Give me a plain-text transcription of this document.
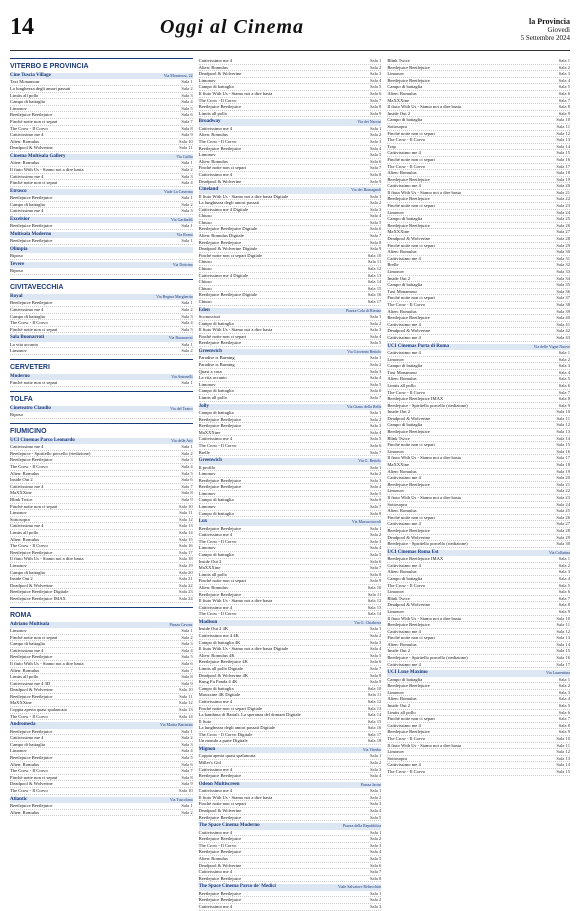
14	Oggi al Cinema	la Provincia
Giovedì
5 Settembre 2024
VITERBO E PROVINCIA
Cine Tuscia Village	Via Monterosi, 22
Taxi Monamour	Sala 1
La lunghezza degli amori passati	Sala 2
Limits all pollo	Sala 3
Campo di battaglia	Sala 4
Limonov	Sala 5
Beetlejuice Beetlejuice	Sala 6
Finché notte non ci separi	Sala 7
The Crow - Il Corvo	Sala 8
Cattivissimo me 4	Sala 9
Alien: Romulus	Sala 10
Deadpool & Wolverine	Sala 11
Cinema Multisala Gallery	Via Gallia
Alien: Romulus	Sala 1
Il fiuto With Us - Siamo noi a dire basta	Sala 2
Cattivissimo me 4	Sala 3
Finché notte non ci separi	Sala 4
Etrusco	Viale La Caserma
Beetlejuice Beetlejuice	Sala 1
Campo di battaglia	Sala 2
Cattivissimo me 4	Sala 3
Excelsior	Via Garibaldi
Beetlejuice Beetlejuice	Sala 1
Multisala Moderno	Via Roma
Beetlejuice Beetlejuice	Sala 1
Olimpia
Riposo
Tevere	Via Dottrina
Riposo
CIVITAVECCHIA
Royal	Via Regina Margherita
Beetlejuice Beetlejuice	Sala 1
Cattivissimo me 4	Sala 2
Campo di battaglia	Sala 3
The Crow - Il Corvo	Sala 4
Finché notte non ci separi	Sala 5
Sala Buonarroti	Via Buonarroti
La vita accanto	Sala 1
Limonov	Sala 2
CERVETERI
Moderno	Via Antonelli
Finché notte non ci separi	Sala 1
TOLFA
Cineteatro Claudio	Via del Teatro
Riposo
FIUMICINO
UCI Cinemas Parco Leonardo	Via delle Arti
Cattivissimo me 4	Sala 1
Beetlejuice - Spiritello porcello (riedizione)	Sala 2
Beetlejuice Beetlejuice	Sala 3
The Crow - Il Corvo	Sala 4
Alien: Romulus	Sala 5
Inside Out 2	Sala 6
Cattivissimo me 4	Sala 7
MaXXXine	Sala 8
Blink Twice	Sala 9
Finché notte non ci separi	Sala 10
Limonov	Sala 11
Sottosopra	Sala 12
Cattivissimo me 4	Sala 13
Limits all pollo	Sala 14
Alien: Romulus	Sala 15
The Crow - Il Corvo	Sala 16
Beetlejuice Beetlejuice	Sala 17
Il fiuto With Us - Siamo noi a dire basta	Sala 18
Limonov	Sala 19
Campo di battaglia	Sala 20
Inside Out 2	Sala 21
Deadpool & Wolverine	Sala 22
Beetlejuice Beetlejuice Digitale	Sala 23
Beetlejuice Beetlejuice IMAX	Sala 24
ROMA
Adriano Multisala	Piazza Cavour
Limonov	Sala 1
Finché notte non ci separi	Sala 2
Campo di battaglia	Sala 3
Cattivissimo me 4	Sala 4
Beetlejuice Beetlejuice	Sala 5
Il fiuto With Us - Siamo noi a dire basta	Sala 6
Alien: Romulus	Sala 7
Limits all pollo	Sala 8
Cattivissimo me 4 3D	Sala 9
Deadpool & Wolverine	Sala 10
Beetlejuice Beetlejuice	Sala 11
MaXXXine	Sala 12
Coppia aperta quasi spalancata	Sala 13
The Crow - Il Corvo	Sala 14
Andromeda	Via Mattia Battistini
Beetlejuice Beetlejuice	Sala 1
Cattivissimo me 4	Sala 2
Campo di battaglia	Sala 3
Limonov	Sala 4
Beetlejuice Beetlejuice	Sala 5
Alien: Romulus	Sala 6
The Crow - Il Corvo	Sala 7
Finché notte non ci separi	Sala 8
Deadpool & Wolverine	Sala 9
The Crow - Il Corvo	Sala 10
Atlantic	Via Tuscolana
Beetlejuice Beetlejuice	Sala 1
Alien: Romulus	Sala 2
Cattivissimo me 4	Sala 1
Alien: Romulus	Sala 2
Deadpool & Wolverine	Sala 3
Limonov	Sala 4
Campo di battaglia	Sala 5
Il fiuto With Us - Siamo noi a dire basta	Sala 6
The Crow - Il Corvo	Sala 7
Beetlejuice Beetlejuice	Sala 8
Limits all pollo	Sala 9
Broadway	Via dei Narcisi
Cattivissimo me 4	Sala 1
Alien: Romulus	Sala 2
The Crow - Il Corvo	Sala 3
Beetlejuice Beetlejuice	Sala 4
Limonov	Sala 5
Alien: Romulus	Sala 6
Finché notte non ci separi	Sala 7
Cattivissimo me 4	Sala 8
Deadpool & Wolverine	Sala 9
Cineland	Via dei Romagnoli
Il fiuto With Us - Siamo noi a dire basta Digitale	Sala 1
La lunghezza degli amori passati	Sala 2
Cattivissimo me 4 Digitale	Sala 3
Chiuso	Sala 4
Chiuso	Sala 5
Beetlejuice Beetlejuice Digitale	Sala 6
Alien: Romulus Digitale	Sala 7
Beetlejuice Beetlejuice	Sala 8
Deadpool & Wolverine Digitale	Sala 9
Finché notte non ci separi Digitale	Sala 10
Chiuso	Sala 11
Chiuso	Sala 12
Cattivissimo me 4 Digitale	Sala 13
Chiuso	Sala 14
Chiuso	Sala 15
Beetlejuice Beetlejuice Digitale	Sala 16
Chiuso	Sala 17
Eden	Piazza Cola di Rienzo
Sconosciuti	Sala 1
Campo di battaglia	Sala 2
Il fiuto With Us - Siamo noi a dire basta	Sala 3
Finché notte non ci separi	Sala 4
Beetlejuice Beetlejuice	Sala 5
Greenwich	Via Giovanni Bettolo
Paradise is Burning	Sala 1
Paradise is Burning	Sala 2
Quasi a casa	Sala 3
La vita accanto	Sala 4
Limonov	Sala 5
Campo di battaglia	Sala 6
Limits all pollo	Sala 7
Jolly	Via Giano della Bella
Campo di battaglia	Sala 1
Beetlejuice Beetlejuice	Sala 2
Beetlejuice Beetlejuice	Sala 3
MaXXXine	Sala 4
Cattivissimo me 4	Sala 5
The Crow - Il Corvo	Sala 6
Brelle	Sala 7
Greenwich	Via G. Bettolo
Il profilo	Sala 1
Limonov	Sala 2
Beetlejuice Beetlejuice	Sala 3
Beetlejuice Beetlejuice	Sala 4
Limonov	Sala 5
Campo di battaglia	Sala 6
Limonov	Sala 7
Campo di battaglia	Sala 8
Lux	Via Massaciuccoli
Beetlejuice Beetlejuice	Sala 1
Cattivissimo me 4	Sala 2
The Crow - Il Corvo	Sala 3
Limonov	Sala 4
Campo di battaglia	Sala 5
Inside Out 2	Sala 6
MaXXXine	Sala 7
Limits all pollo	Sala 8
Finché notte non ci separi	Sala 9
Alien: Romulus	Sala 10
Beetlejuice Beetlejuice	Sala 11
Il fiuto With Us - Siamo noi a dire basta	Sala 12
Cattivissimo me 4	Sala 13
The Crow - Il Corvo	Sala 14
Madison	Via G. Chiabrera
Inside Out 2 4K	Sala 1
Cattivissimo me 4 4K	Sala 2
Campo di battaglia 4K	Sala 3
Il fiuto With Us - Siamo noi a dire basta Digitale	Sala 4
Alien: Romulus 4K	Sala 5
Beetlejuice Beetlejuice 4K	Sala 6
Limits all pollo Digitale	Sala 7
Deadpool & Wolverine 4K	Sala 8
Kung Fu Panda 4 4K	Sala 9
Campo di battaglia	Sala 10
Maxxxine 4K Digitale	Sala 11
Cattivissimo me 4	Sala 12
Finché notte non ci separi Digitale	Sala 13
La bambina di Bartali. La speranza del domani Digitale	Sala 14
Il fiuto	Sala 15
La lunghezza degli amori passati Digitale	Sala 16
The Crow - Il Corvo Digitale	Sala 17
Un mondo a parte Digitale	Sala 18
Mignon	Via Viterbo
Coppia aperta quasi spalancata	Sala 1
Miller's Girl	Sala 2
Cattivissimo me 4	Sala 3
Beetlejuice Beetlejuice	Sala 4
Odeon Multiscreen	Piazza Jacini
Cattivissimo me 4	Sala 1
Il fiuto With Us - Siamo noi a dire basta	Sala 2
Finché notte non ci separi	Sala 3
Deadpool & Wolverine	Sala 4
Beetlejuice Beetlejuice	Sala 5
The Space Cinema Moderno	Piazza della Repubblica
Cattivissimo me 4	Sala 1
Beetlejuice Beetlejuice	Sala 2
The Crow - Il Corvo	Sala 3
Beetlejuice Beetlejuice	Sala 4
Alien: Romulus	Sala 5
Deadpool & Wolverine	Sala 6
Cattivissimo me 4	Sala 7
Beetlejuice Beetlejuice	Sala 8
The Space Cinema Parco de' Medici	Viale Salvatore Rebecchini
Beetlejuice Beetlejuice	Sala 1
Beetlejuice Beetlejuice	Sala 2
Cattivissimo me 4	Sala 3
Blink Twice	Sala 1
Beetlejuice Beetlejuice	Sala 2
Limonov	Sala 3
Beetlejuice Beetlejuice	Sala 4
Campo di battaglia	Sala 5
Alien: Romulus	Sala 6
MaXXXine	Sala 7
Il fiuto With Us - Siamo noi a dire basta	Sala 8
Inside Out 2	Sala 9
Campo di battaglia	Sala 10
Sottosopra	Sala 11
Finché notte non ci separi	Sala 12
The Crow - Il Corvo	Sala 13
Trap	Sala 14
Cattivissimo me 4	Sala 15
Finché notte non ci separi	Sala 16
The Crow - Il Corvo	Sala 17
Alien: Romulus	Sala 18
Beetlejuice Beetlejuice	Sala 19
Cattivissimo me 4	Sala 20
Il fiuto With Us - Siamo noi a dire basta	Sala 21
Beetlejuice Beetlejuice	Sala 22
Finché notte non ci separi	Sala 23
Limonov	Sala 24
Campo di battaglia	Sala 25
Beetlejuice Beetlejuice	Sala 26
MaXXXine	Sala 27
Deadpool & Wolverine	Sala 28
Finché notte non ci separi	Sala 29
Alien: Romulus	Sala 30
Cattivissimo me 4	Sala 31
Brelle	Sala 32
Limonov	Sala 33
Inside Out 2	Sala 34
Campo di battaglia	Sala 35
Taxi Monamour	Sala 36
Finché notte non ci separi	Sala 37
The Crow - Il Corvo	Sala 38
Alien: Romulus	Sala 39
Beetlejuice Beetlejuice	Sala 40
Cattivissimo me 4	Sala 41
Deadpool & Wolverine	Sala 42
Cattivissimo me 4	Sala 43
UCI Cinemas Porta di Roma	Via delle Vigne Nuove
Cattivissimo me 4	Sala 1
Limonov	Sala 2
Campo di battaglia	Sala 3
Taxi Monamour	Sala 4
Alien: Romulus	Sala 5
Limits all pollo	Sala 6
The Crow - Il Corvo	Sala 7
Beetlejuice Beetlejuice IMAX	Sala 8
Beetlejuice - Spiritello porcello (riedizione)	Sala 9
Inside Out 2	Sala 10
Deadpool & Wolverine	Sala 11
Campo di battaglia	Sala 12
Beetlejuice Beetlejuice	Sala 13
Blink Twice	Sala 14
Finché notte non ci separi	Sala 15
Limonov	Sala 16
Il fiuto With Us - Siamo noi a dire basta	Sala 17
MaXXXine	Sala 18
Alien: Romulus	Sala 19
Cattivissimo me 4	Sala 20
Beetlejuice Beetlejuice	Sala 21
Limonov	Sala 22
Il fiuto With Us - Siamo noi a dire basta	Sala 23
Sottosopra	Sala 24
Alien: Romulus	Sala 25
Finché notte non ci separi	Sala 26
Cattivissimo me 4	Sala 27
Beetlejuice Beetlejuice	Sala 28
Deadpool & Wolverine	Sala 29
Beetlejuice - Spiritello porcello (riedizione)	Sala 30
UCI Cinemas Roma Est	Via Collatina
Beetlejuice Beetlejuice IMAX	Sala 1
Cattivissimo me 4	Sala 2
Alien: Romulus	Sala 3
Campo di battaglia	Sala 4
The Crow - Il Corvo	Sala 5
Limonov	Sala 6
Blink Twice	Sala 7
Deadpool & Wolverine	Sala 8
Limonov	Sala 9
Il fiuto With Us - Siamo noi a dire basta	Sala 10
Beetlejuice Beetlejuice	Sala 11
Cattivissimo me 4	Sala 12
Finché notte non ci separi	Sala 13
Alien: Romulus	Sala 14
Inside Out 2	Sala 15
Beetlejuice - Spiritello porcello (riedizione)	Sala 16
Cattivissimo me 4	Sala 17
UCI Luxe Maximo	Via Laurentina
Campo di battaglia	Sala 1
Beetlejuice Beetlejuice	Sala 2
Limonov	Sala 3
Alien: Romulus	Sala 4
Inside Out 2	Sala 5
Limits all pollo	Sala 6
Finché notte non ci separi	Sala 7
Cattivissimo me 4	Sala 8
Beetlejuice Beetlejuice	Sala 9
The Crow - Il Corvo	Sala 10
Il fiuto With Us - Siamo noi a dire basta	Sala 11
Limonov	Sala 12
Sottosopra	Sala 13
Cattivissimo me 4	Sala 14
The Crow - Il Corvo	Sala 15
